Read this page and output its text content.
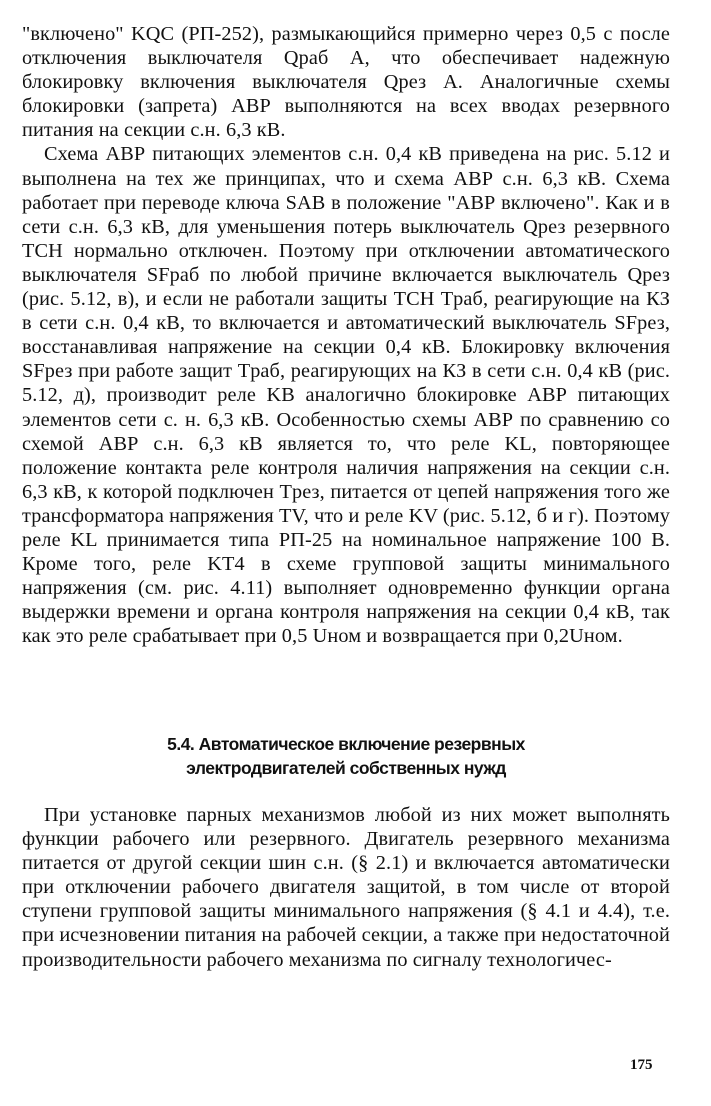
"включено" KQC (РП-252), размыкающийся примерно через 0,5 с после отключения выключателя Qраб A, что обеспечивает надежную блокировку включения выключателя Qрез A. Аналогичные схемы блокировки (запрета) АВР выполняются на всех вводах резервного питания на секции с.н. 6,3 кВ.

Схема АВР питающих элементов с.н. 0,4 кВ приведена на рис. 5.12 и выполнена на тех же принципах, что и схема АВР с.н. 6,3 кВ. Схема работает при переводе ключа SAB в положение "АВР включено". Как и в сети с.н. 6,3 кВ, для уменьшения потерь выключатель Qрез резервного ТСН нормально отключен. Поэтому при отключении автоматического выключателя SFраб по любой причине включается выключатель Qрез (рис. 5.12, в), и если не работали защиты ТСН Tраб, реагирующие на КЗ в сети с.н. 0,4 кВ, то включается и автоматический выключатель SFрез, восстанавливая напряжение на секции 0,4 кВ. Блокировку включения SFрез при работе защит Tраб, реагирующих на КЗ в сети с.н. 0,4 кВ (рис. 5.12, д), производит реле KB аналогично блокировке АВР питающих элементов сети с. н. 6,3 кВ. Особенностью схемы АВР по сравнению со схемой АВР с.н. 6,3 кВ является то, что реле KL, повторяющее положение контакта реле контроля наличия напряжения на секции с.н. 6,3 кВ, к которой подключен Tрез, питается от цепей напряжения того же трансформатора напряжения TV, что и реле KV (рис. 5.12, б и г). Поэтому реле KL принимается типа РП-25 на номинальное напряжение 100 В. Кроме того, реле KT4 в схеме групповой защиты минимального напряжения (см. рис. 4.11) выполняет одновременно функции органа выдержки времени и органа контроля напряжения на секции 0,4 кВ, так как это реле срабатывает при 0,5 Uном и возвращается при 0,2Uном.

5.4. Автоматическое включение резервных
электродвигателей собственных нужд

При установке парных механизмов любой из них может выполнять функции рабочего или резервного. Двигатель резервного механизма питается от другой секции шин с.н. (§ 2.1) и включается автоматически при отключении рабочего двигателя защитой, в том числе от второй ступени групповой защиты минимального напряжения (§ 4.1 и 4.4), т.е. при исчезновении питания на рабочей секции, а также при недостаточной производительности рабочего механизма по сигналу технологичес-

175
